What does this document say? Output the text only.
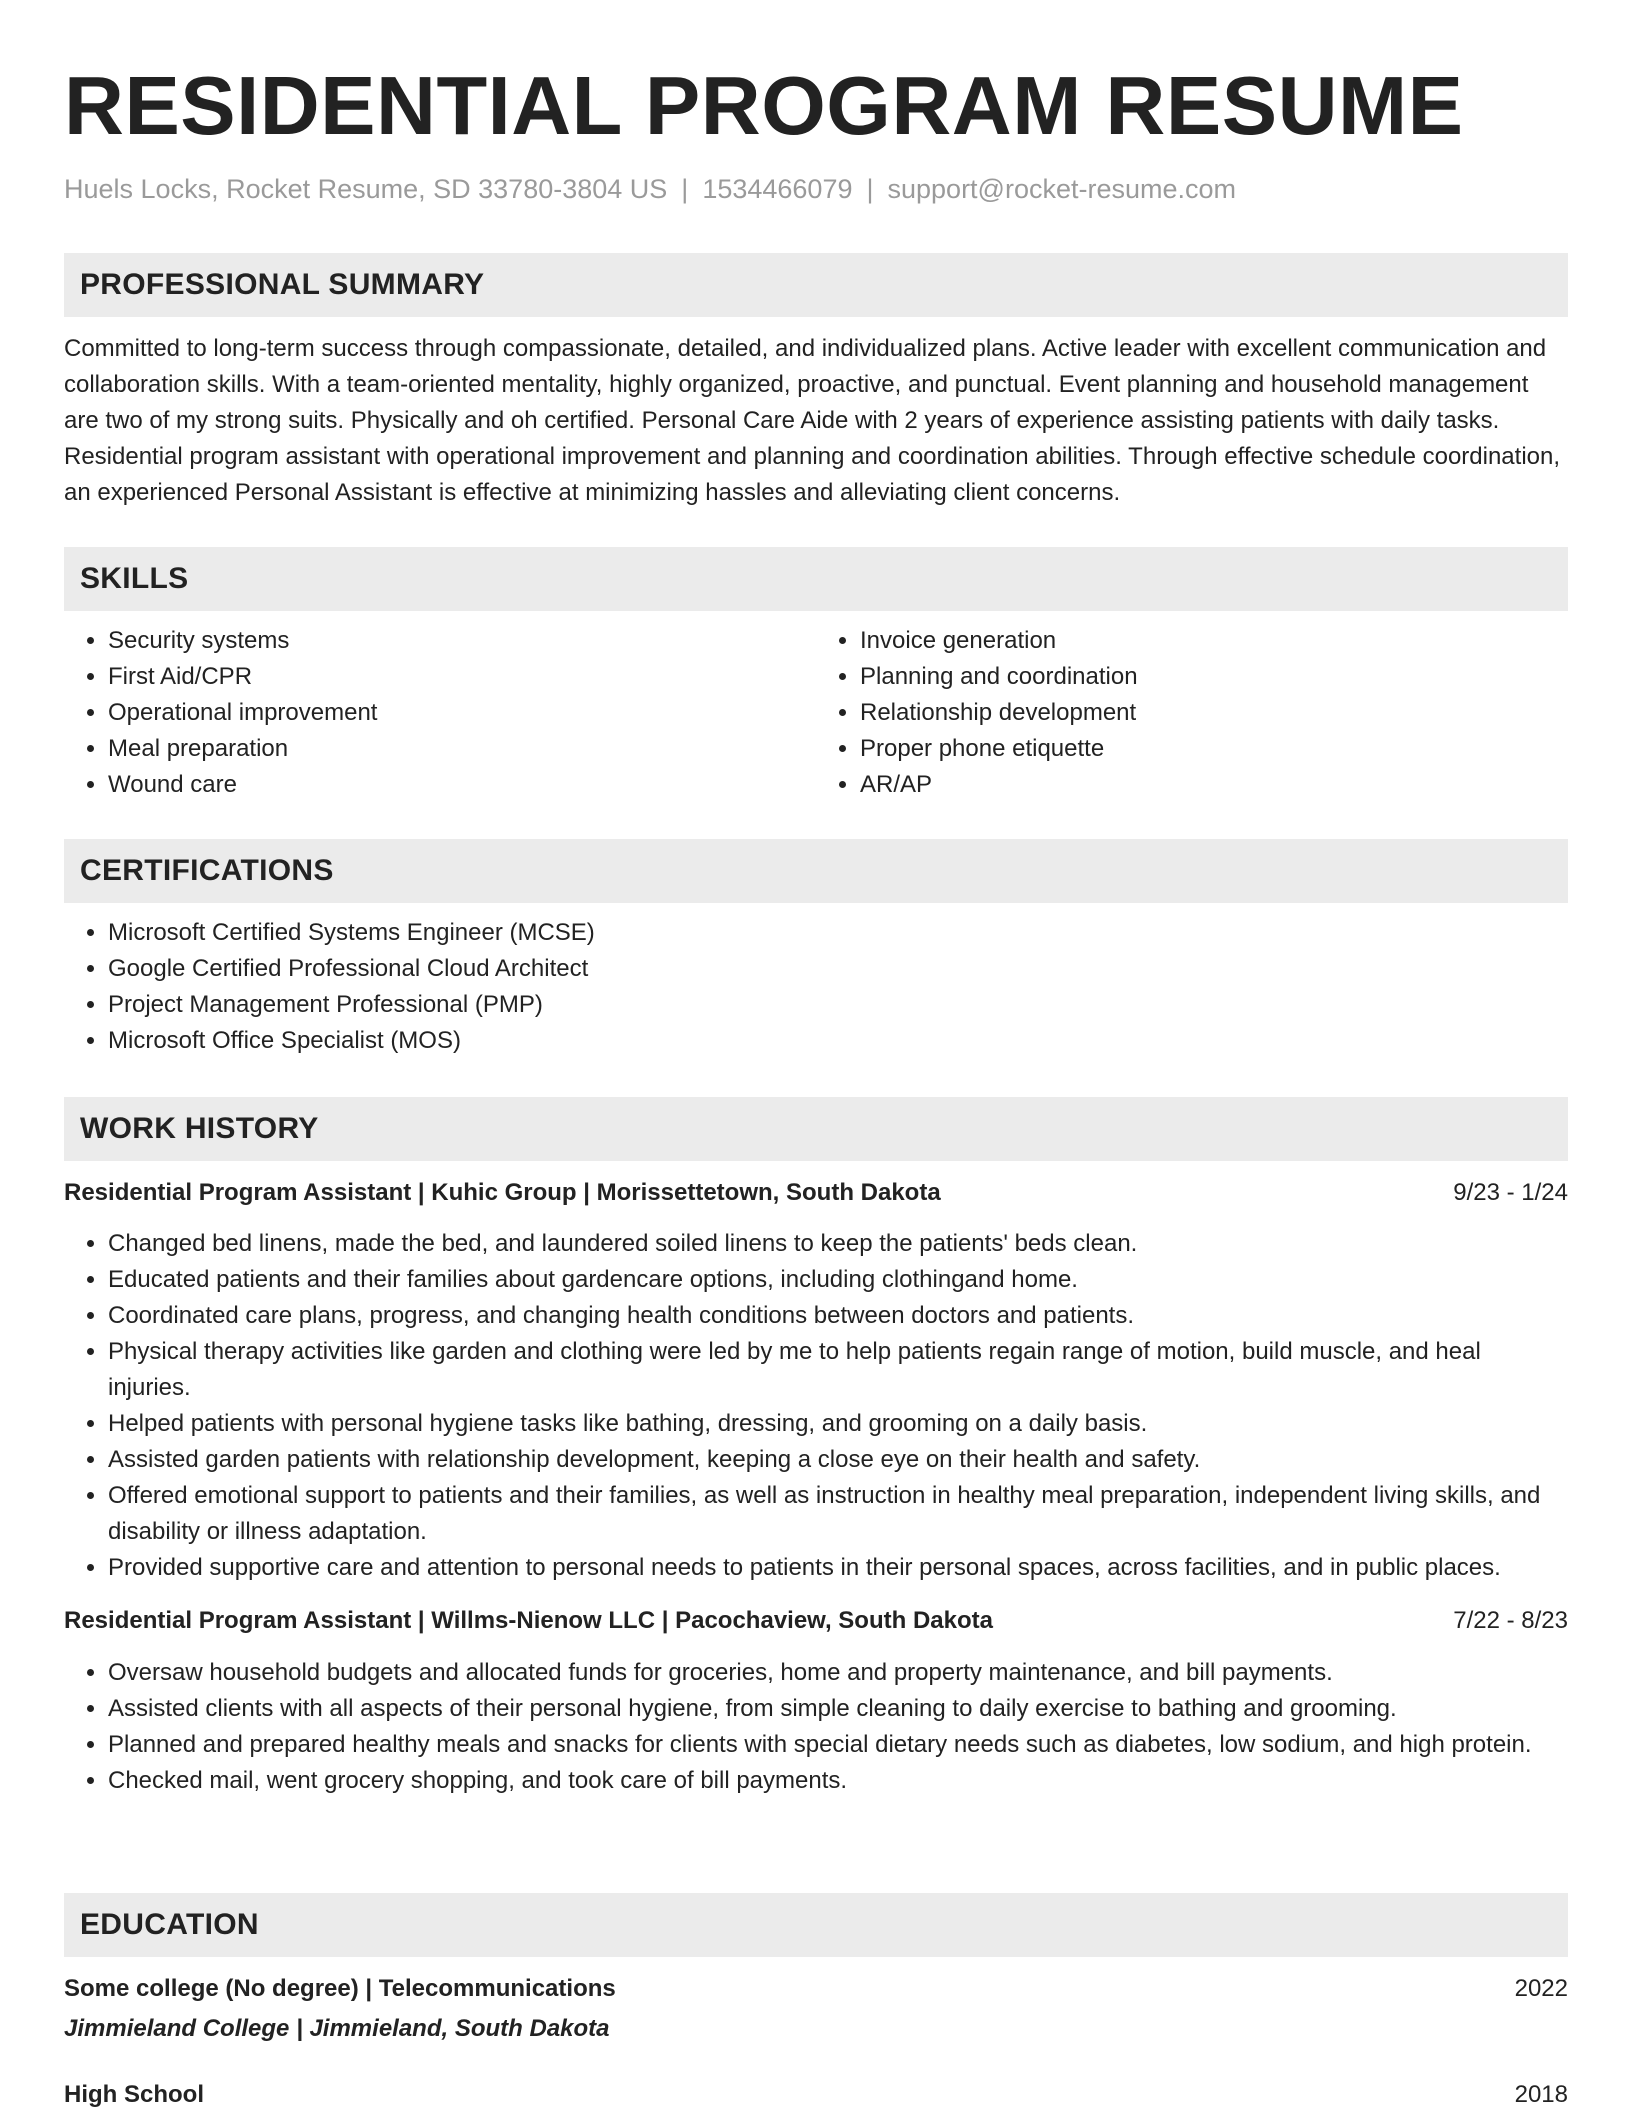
RESIDENTIAL PROGRAM RESUME
Huels Locks, Rocket Resume, SD 33780-3804 US | 1534466079 | support@rocket-resume.com
PROFESSIONAL SUMMARY
Committed to long-term success through compassionate, detailed, and individualized plans. Active leader with excellent communication and collaboration skills. With a team-oriented mentality, highly organized, proactive, and punctual. Event planning and household management are two of my strong suits. Physically and oh certified. Personal Care Aide with 2 years of experience assisting patients with daily tasks. Residential program assistant with operational improvement and planning and coordination abilities. Through effective schedule coordination, an experienced Personal Assistant is effective at minimizing hassles and alleviating client concerns.
SKILLS
• Security systems
• First Aid/CPR
• Operational improvement
• Meal preparation
• Wound care
• Invoice generation
• Planning and coordination
• Relationship development
• Proper phone etiquette
• AR/AP
CERTIFICATIONS
• Microsoft Certified Systems Engineer (MCSE)
• Google Certified Professional Cloud Architect
• Project Management Professional (PMP)
• Microsoft Office Specialist (MOS)
WORK HISTORY
Residential Program Assistant | Kuhic Group | Morissettetown, South Dakota	9/23 - 1/24
• Changed bed linens, made the bed, and laundered soiled linens to keep the patients' beds clean.
• Educated patients and their families about gardencare options, including clothingand home.
• Coordinated care plans, progress, and changing health conditions between doctors and patients.
• Physical therapy activities like garden and clothing were led by me to help patients regain range of motion, build muscle, and heal injuries.
• Helped patients with personal hygiene tasks like bathing, dressing, and grooming on a daily basis.
• Assisted garden patients with relationship development, keeping a close eye on their health and safety.
• Offered emotional support to patients and their families, as well as instruction in healthy meal preparation, independent living skills, and disability or illness adaptation.
• Provided supportive care and attention to personal needs to patients in their personal spaces, across facilities, and in public places.
Residential Program Assistant | Willms-Nienow LLC | Pacochaview, South Dakota	7/22 - 8/23
• Oversaw household budgets and allocated funds for groceries, home and property maintenance, and bill payments.
• Assisted clients with all aspects of their personal hygiene, from simple cleaning to daily exercise to bathing and grooming.
• Planned and prepared healthy meals and snacks for clients with special dietary needs such as diabetes, low sodium, and high protein.
• Checked mail, went grocery shopping, and took care of bill payments.
EDUCATION
Some college (No degree) | Telecommunications	2022
Jimmieland College | Jimmieland, South Dakota
High School	2018
